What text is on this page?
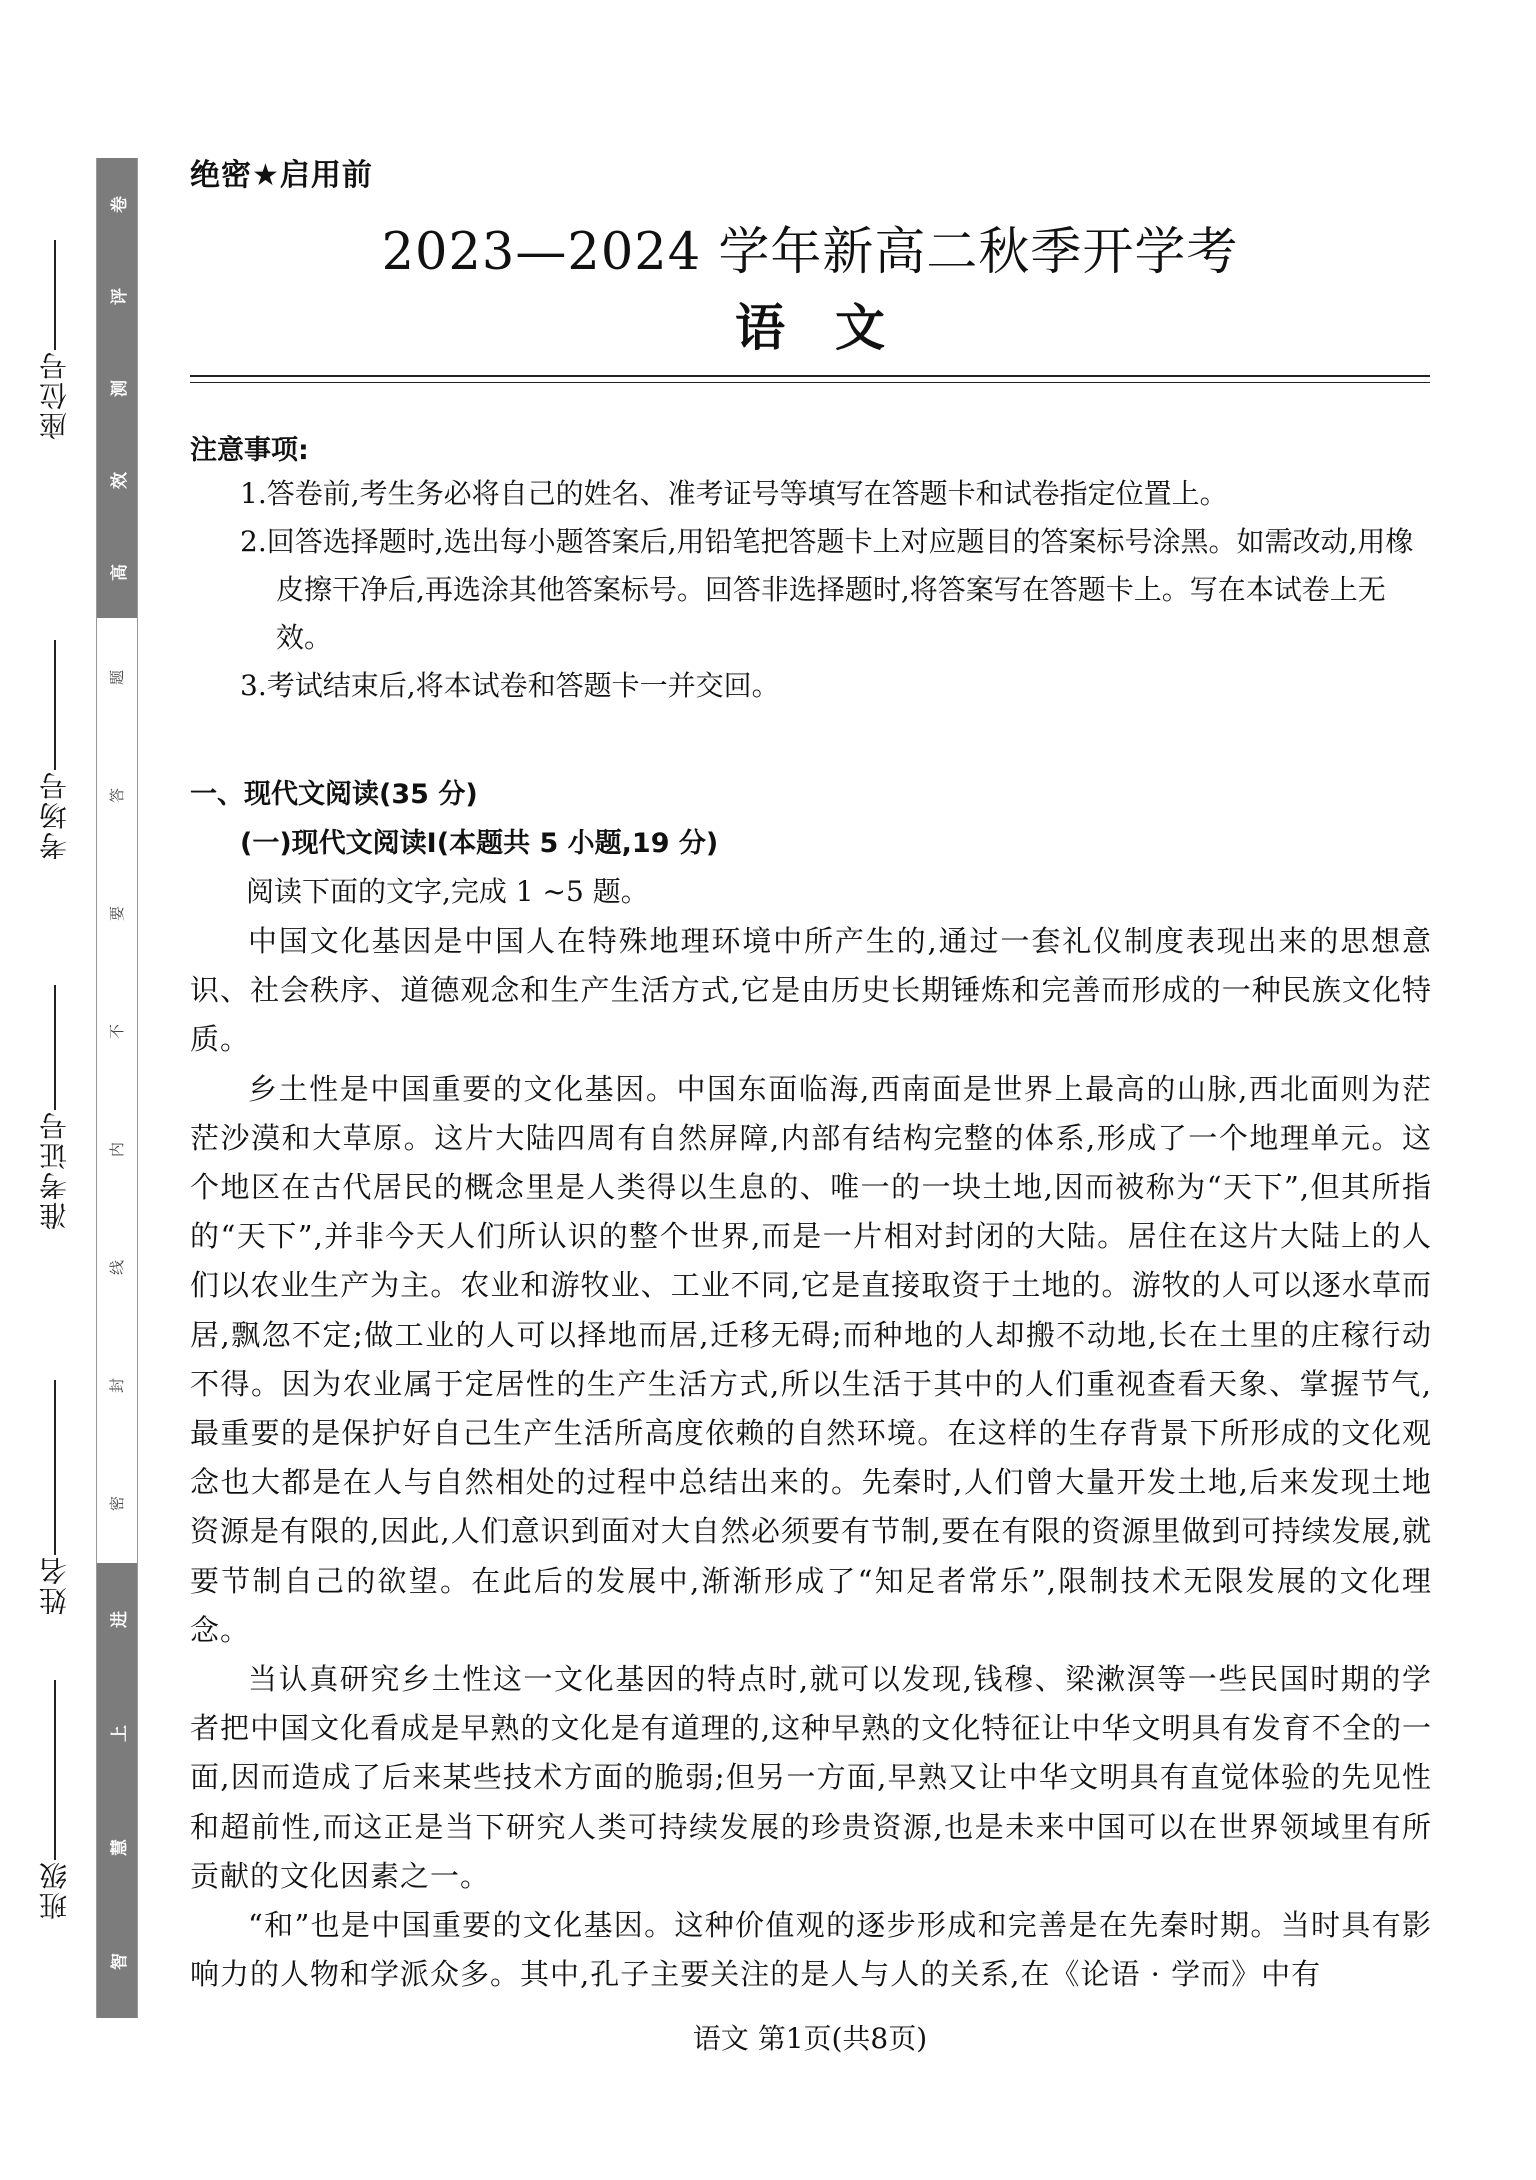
卷
评
测
效
高
题
答
要
不
内
线
封
密
进
上
慧
智
座位号
考场号
准考证号
姓名
班级
绝密★启用前
2023—2024 学年新高二秋季开学考
语文
注意事项:

1.答卷前,考生务必将自己的姓名、准考证号等填写在答题卡和试卷指定位置上。

2.回答选择题时,选出每小题答案后,用铅笔把答题卡上对应题目的答案标号涂黑。如需改动,用橡皮擦干净后,再选涂其他答案标号。回答非选择题时,将答案写在答题卡上。写在本试卷上无效。

3.考试结束后,将本试卷和答题卡一并交回。

一、现代文阅读(35 分)
(一)现代文阅读Ⅰ(本题共 5 小题,19 分)
阅读下面的文字,完成 1 ~5 题。

中国文化基因是中国人在特殊地理环境中所产生的,通过一套礼仪制度表现出来的思想意识、社会秩序、道德观念和生产生活方式,它是由历史长期锤炼和完善而形成的一种民族文化特质。

乡土性是中国重要的文化基因。中国东面临海,西南面是世界上最高的山脉,西北面则为茫茫沙漠和大草原。这片大陆四周有自然屏障,内部有结构完整的体系,形成了一个地理单元。这个地区在古代居民的概念里是人类得以生息的、唯一的一块土地,因而被称为“天下”,但其所指的“天下”,并非今天人们所认识的整个世界,而是一片相对封闭的大陆。居住在这片大陆上的人们以农业生产为主。农业和游牧业、工业不同,它是直接取资于土地的。游牧的人可以逐水草而居,飘忽不定;做工业的人可以择地而居,迁移无碍;而种地的人却搬不动地,长在土里的庄稼行动不得。因为农业属于定居性的生产生活方式,所以生活于其中的人们重视查看天象、掌握节气,最重要的是保护好自己生产生活所高度依赖的自然环境。在这样的生存背景下所形成的文化观念也大都是在人与自然相处的过程中总结出来的。先秦时,人们曾大量开发土地,后来发现土地资源是有限的,因此,人们意识到面对大自然必须要有节制,要在有限的资源里做到可持续发展,就要节制自己的欲望。在此后的发展中,渐渐形成了“知足者常乐”,限制技术无限发展的文化理念。

当认真研究乡土性这一文化基因的特点时,就可以发现,钱穆、梁漱溟等一些民国时期的学者把中国文化看成是早熟的文化是有道理的,这种早熟的文化特征让中华文明具有发育不全的一面,因而造成了后来某些技术方面的脆弱;但另一方面,早熟又让中华文明具有直觉体验的先见性和超前性,而这正是当下研究人类可持续发展的珍贵资源,也是未来中国可以在世界领域里有所贡献的文化因素之一。

“和”也是中国重要的文化基因。这种价值观的逐步形成和完善是在先秦时期。当时具有影响力的人物和学派众多。其中,孔子主要关注的是人与人的关系,在《论语 · 学而》中有

语文 第1页(共8页)
